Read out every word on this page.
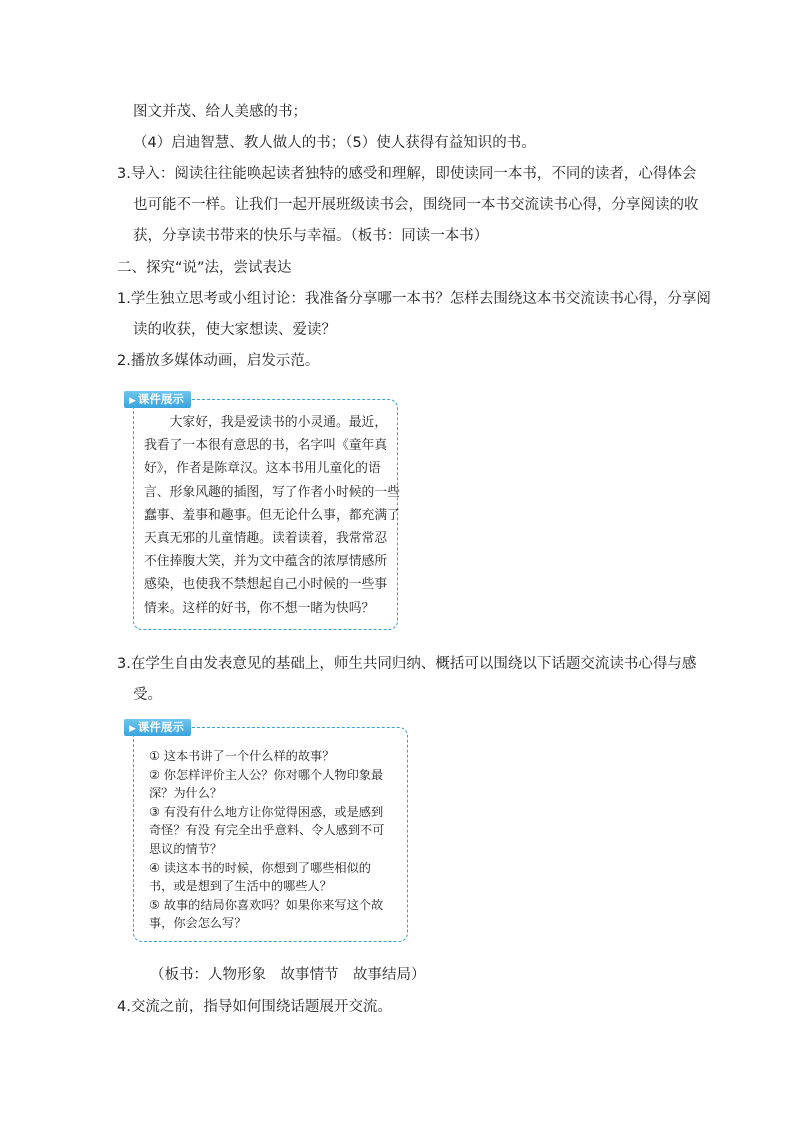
图文并茂、给人美感的书；
（4）启迪智慧、教人做人的书；（5）使人获得有益知识的书。
3.导入：阅读往往能唤起读者独特的感受和理解，即使读同一本书，不同的读者，心得体会
也可能不一样。让我们一起开展班级读书会，围绕同一本书交流读书心得，分享阅读的收
获，分享读书带来的快乐与幸福。（板书：同读一本书）
二、探究“说”法，尝试表达
1.学生独立思考或小组讨论：我准备分享哪一本书？怎样去围绕这本书交流读书心得，分享阅
读的收获，使大家想读、爱读？
2.播放多媒体动画，启发示范。
3.在学生自由发表意见的基础上，师生共同归纳、概括可以围绕以下话题交流读书心得与感
受。
（板书：人物形象　故事情节　故事结局）
4.交流之前，指导如何围绕话题展开交流。
▶ 课件展示
　　大家好，我是爱读书的小灵通。最近，
我看了一本很有意思的书，名字叫《童年真
好》，作者是陈章汉。这本书用儿童化的语
言、形象风趣的插图，写了作者小时候的一些
蠢事、羞事和趣事。但无论什么事，都充满了
天真无邪的儿童情趣。读着读着，我常常忍
不住捧腹大笑，并为文中蕴含的浓厚情感所
感染，也使我不禁想起自己小时候的一些事
情来。这样的好书，你不想一睹为快吗？
▶ 课件展示
① 这本书讲了一个什么样的故事？
② 你怎样评价主人公？你对哪个人物印象最
深？为什么？
③ 有没有什么地方让你觉得困惑，或是感到
奇怪？有没 有完全出乎意料、令人感到不可
思议的情节？
④ 读这本书的时候，你想到了哪些相似的
书，或是想到了生活中的哪些人？
⑤ 故事的结局你喜欢吗？如果你来写这个故
事，你会怎么写？
